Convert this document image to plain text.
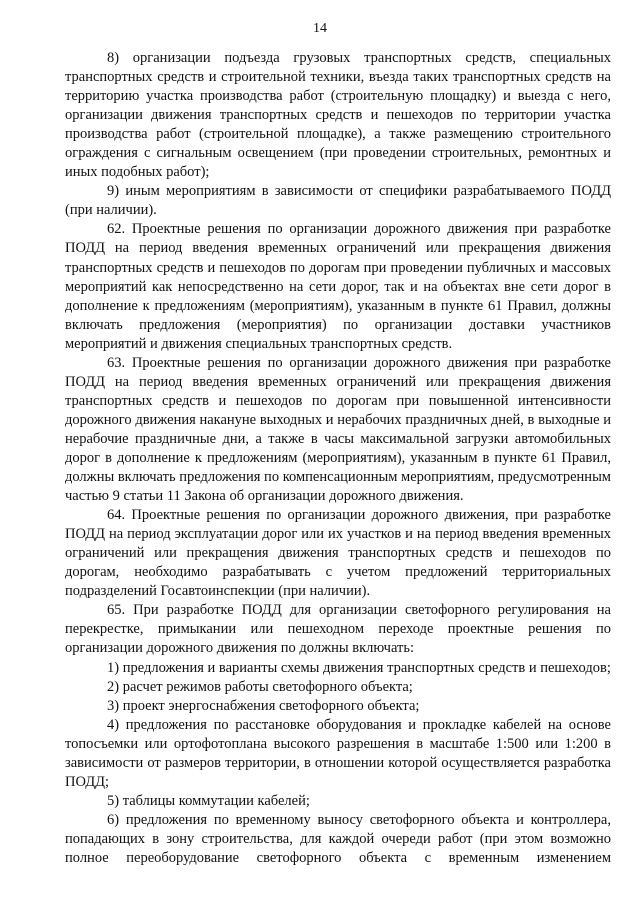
14

8) организации подъезда грузовых транспортных средств, специальных транспортных средств и строительной техники, въезда таких транспортных средств на территорию участка производства работ (строительную площадку) и выезда с него, организации движения транспортных средств и пешеходов по территории участка производства работ (строительной площадке), а также размещению строительного ограждения с сигнальным освещением (при проведении строительных, ремонтных и иных подобных работ);

9) иным мероприятиям в зависимости от специфики разрабатываемого ПОДД (при наличии).

62. Проектные решения по организации дорожного движения при разработке ПОДД на период введения временных ограничений или прекращения движения транспортных средств и пешеходов по дорогам при проведении публичных и массовых мероприятий как непосредственно на сети дорог, так и на объектах вне сети дорог в дополнение к предложениям (мероприятиям), указанным в пункте 61 Правил, должны включать предложения (мероприятия) по организации доставки участников мероприятий и движения специальных транспортных средств.

63. Проектные решения по организации дорожного движения при разработке ПОДД на период введения временных ограничений или прекращения движения транспортных средств и пешеходов по дорогам при повышенной интенсивности дорожного движения накануне выходных и нерабочих праздничных дней, в выходные и нерабочие праздничные дни, а также в часы максимальной загрузки автомобильных дорог в дополнение к предложениям (мероприятиям), указанным в пункте 61 Правил, должны включать предложения по компенсационным мероприятиям, предусмотренным частью 9 статьи 11 Закона об организации дорожного движения.

64. Проектные решения по организации дорожного движения, при разработке ПОДД на период эксплуатации дорог или их участков и на период введения временных ограничений или прекращения движения транспортных средств и пешеходов по дорогам, необходимо разрабатывать с учетом предложений территориальных подразделений Госавтоинспекции (при наличии).

65. При разработке ПОДД для организации светофорного регулирования на перекрестке, примыкании или пешеходном переходе проектные решения по организации дорожного движения по должны включать:

1) предложения и варианты схемы движения транспортных средств и пешеходов;

2) расчет режимов работы светофорного объекта;

3) проект энергоснабжения светофорного объекта;

4) предложения по расстановке оборудования и прокладке кабелей на основе топосъемки или ортофотоплана высокого разрешения в масштабе 1:500 или 1:200 в зависимости от размеров территории, в отношении которой осуществляется разработка ПОДД;

5) таблицы коммутации кабелей;

6) предложения по временному выносу светофорного объекта и контроллера, попадающих в зону строительства, для каждой очереди работ (при этом возможно полное переоборудование светофорного объекта с временным изменением
